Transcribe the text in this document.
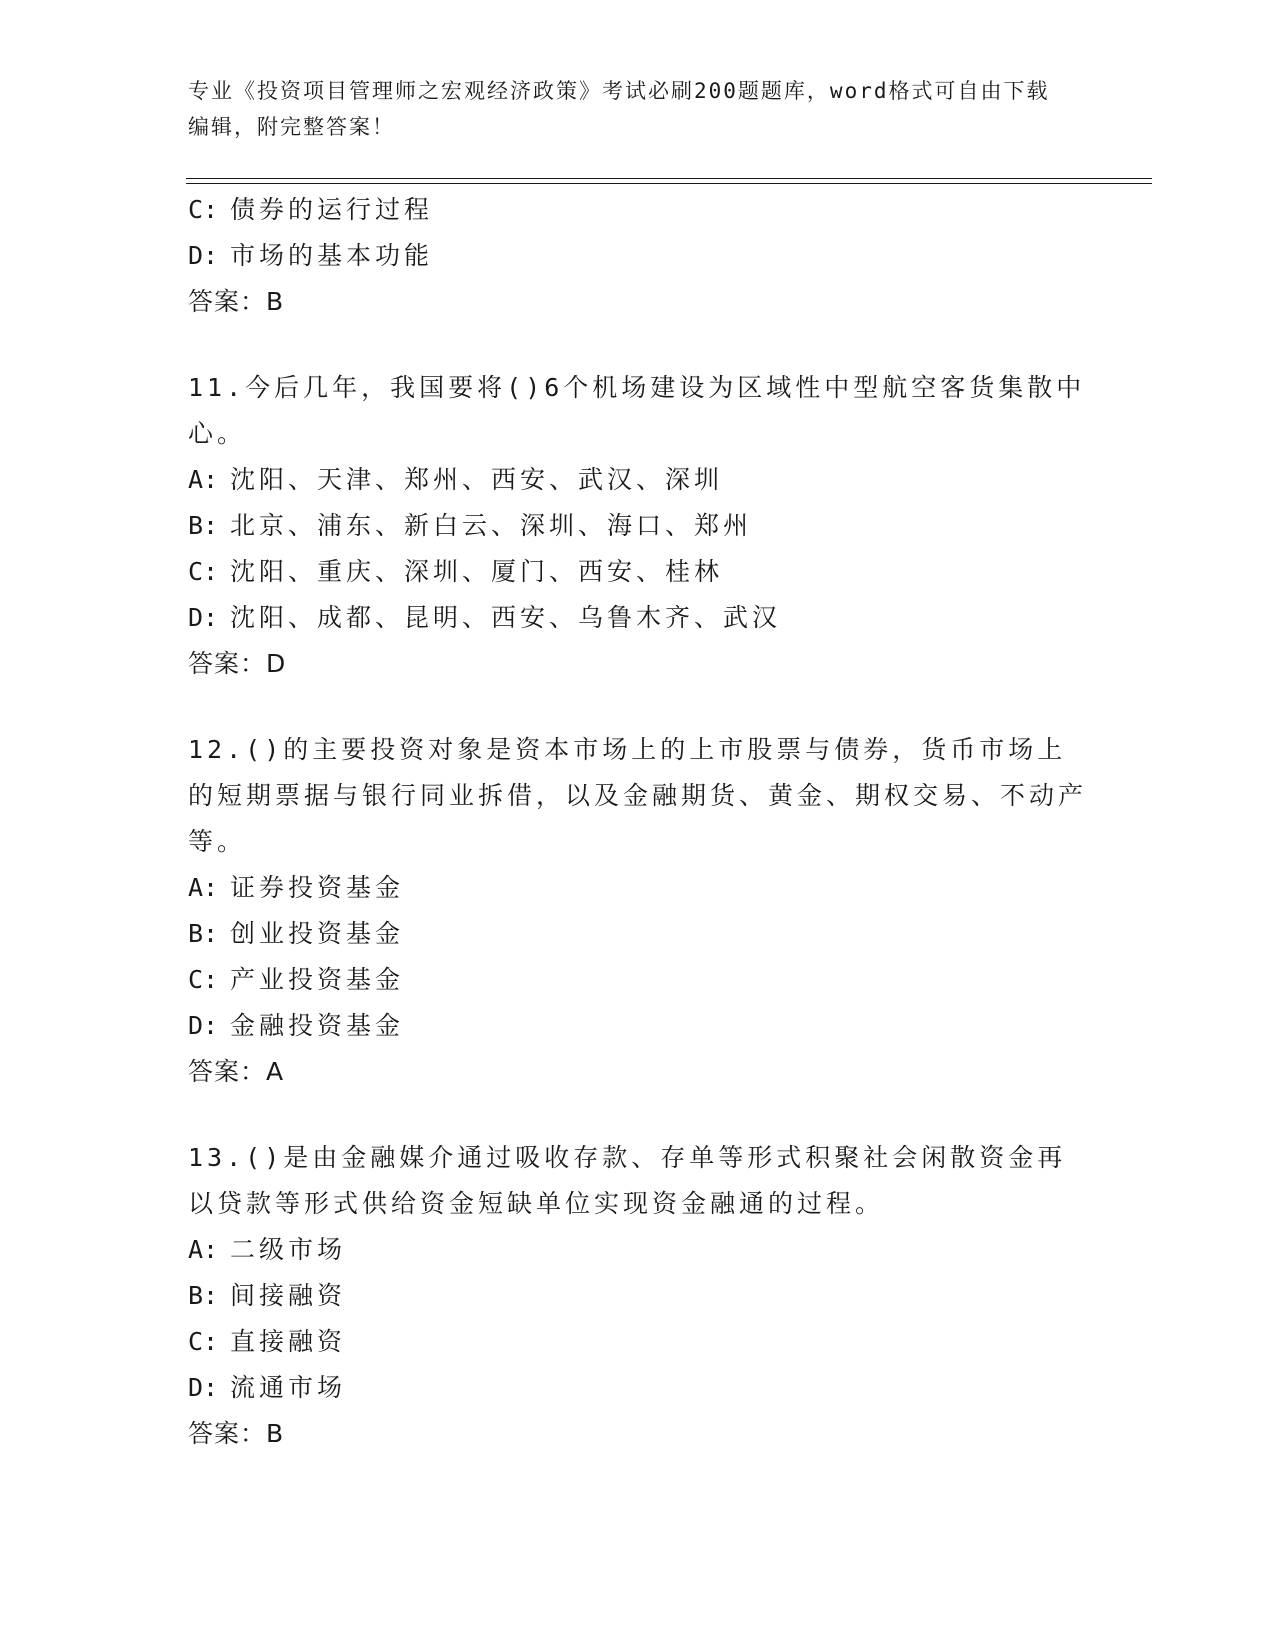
专业《投资项目管理师之宏观经济政策》考试必刷200题题库，word格式可自由下载编辑，附完整答案！
C: 债券的运行过程
D: 市场的基本功能
答案：B
11.今后几年，我国要将()6个机场建设为区域性中型航空客货集散中心。
A: 沈阳、天津、郑州、西安、武汉、深圳
B: 北京、浦东、新白云、深圳、海口、郑州
C: 沈阳、重庆、深圳、厦门、西安、桂林
D: 沈阳、成都、昆明、西安、乌鲁木齐、武汉
答案：D
12.()的主要投资对象是资本市场上的上市股票与债券，货币市场上的短期票据与银行同业拆借，以及金融期货、黄金、期权交易、不动产等。
A: 证券投资基金
B: 创业投资基金
C: 产业投资基金
D: 金融投资基金
答案：A
13.()是由金融媒介通过吸收存款、存单等形式积聚社会闲散资金再以贷款等形式供给资金短缺单位实现资金融通的过程。
A: 二级市场
B: 间接融资
C: 直接融资
D: 流通市场
答案：B
